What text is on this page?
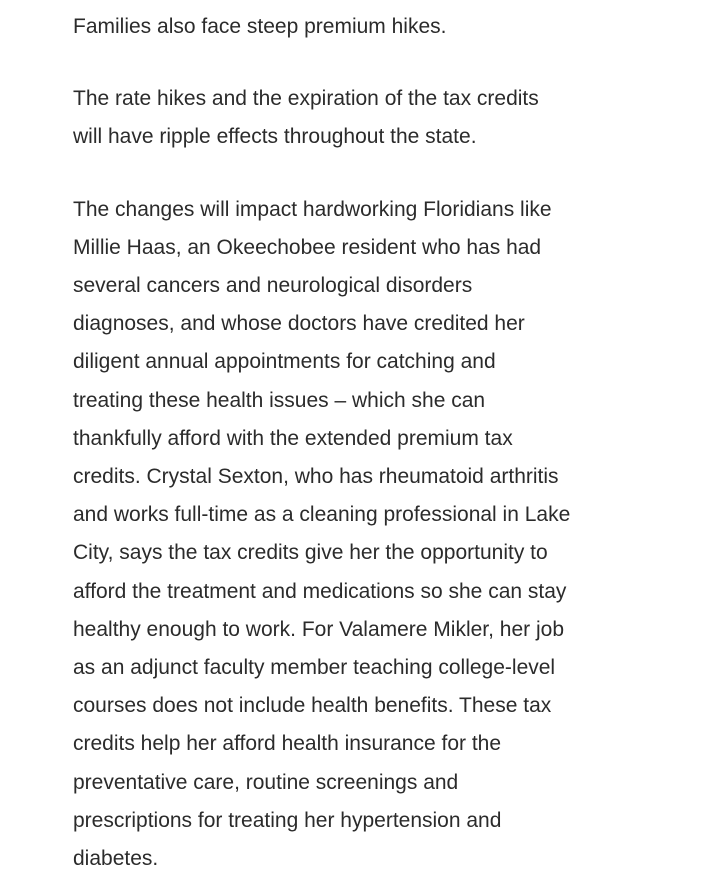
Families also face steep premium hikes.

The rate hikes and the expiration of the tax credits
will have ripple effects throughout the state.

The changes will impact hardworking Floridians like
Millie Haas, an Okeechobee resident who has had
several cancers and neurological disorders
diagnoses, and whose doctors have credited her
diligent annual appointments for catching and
treating these health issues – which she can
thankfully afford with the extended premium tax
credits. Crystal Sexton, who has rheumatoid arthritis
and works full-time as a cleaning professional in Lake
City, says the tax credits give her the opportunity to
afford the treatment and medications so she can stay
healthy enough to work. For Valamere Mikler, her job
as an adjunct faculty member teaching college-level
courses does not include health benefits. These tax
credits help her afford health insurance for the
preventative care, routine screenings and
prescriptions for treating her hypertension and
diabetes.
